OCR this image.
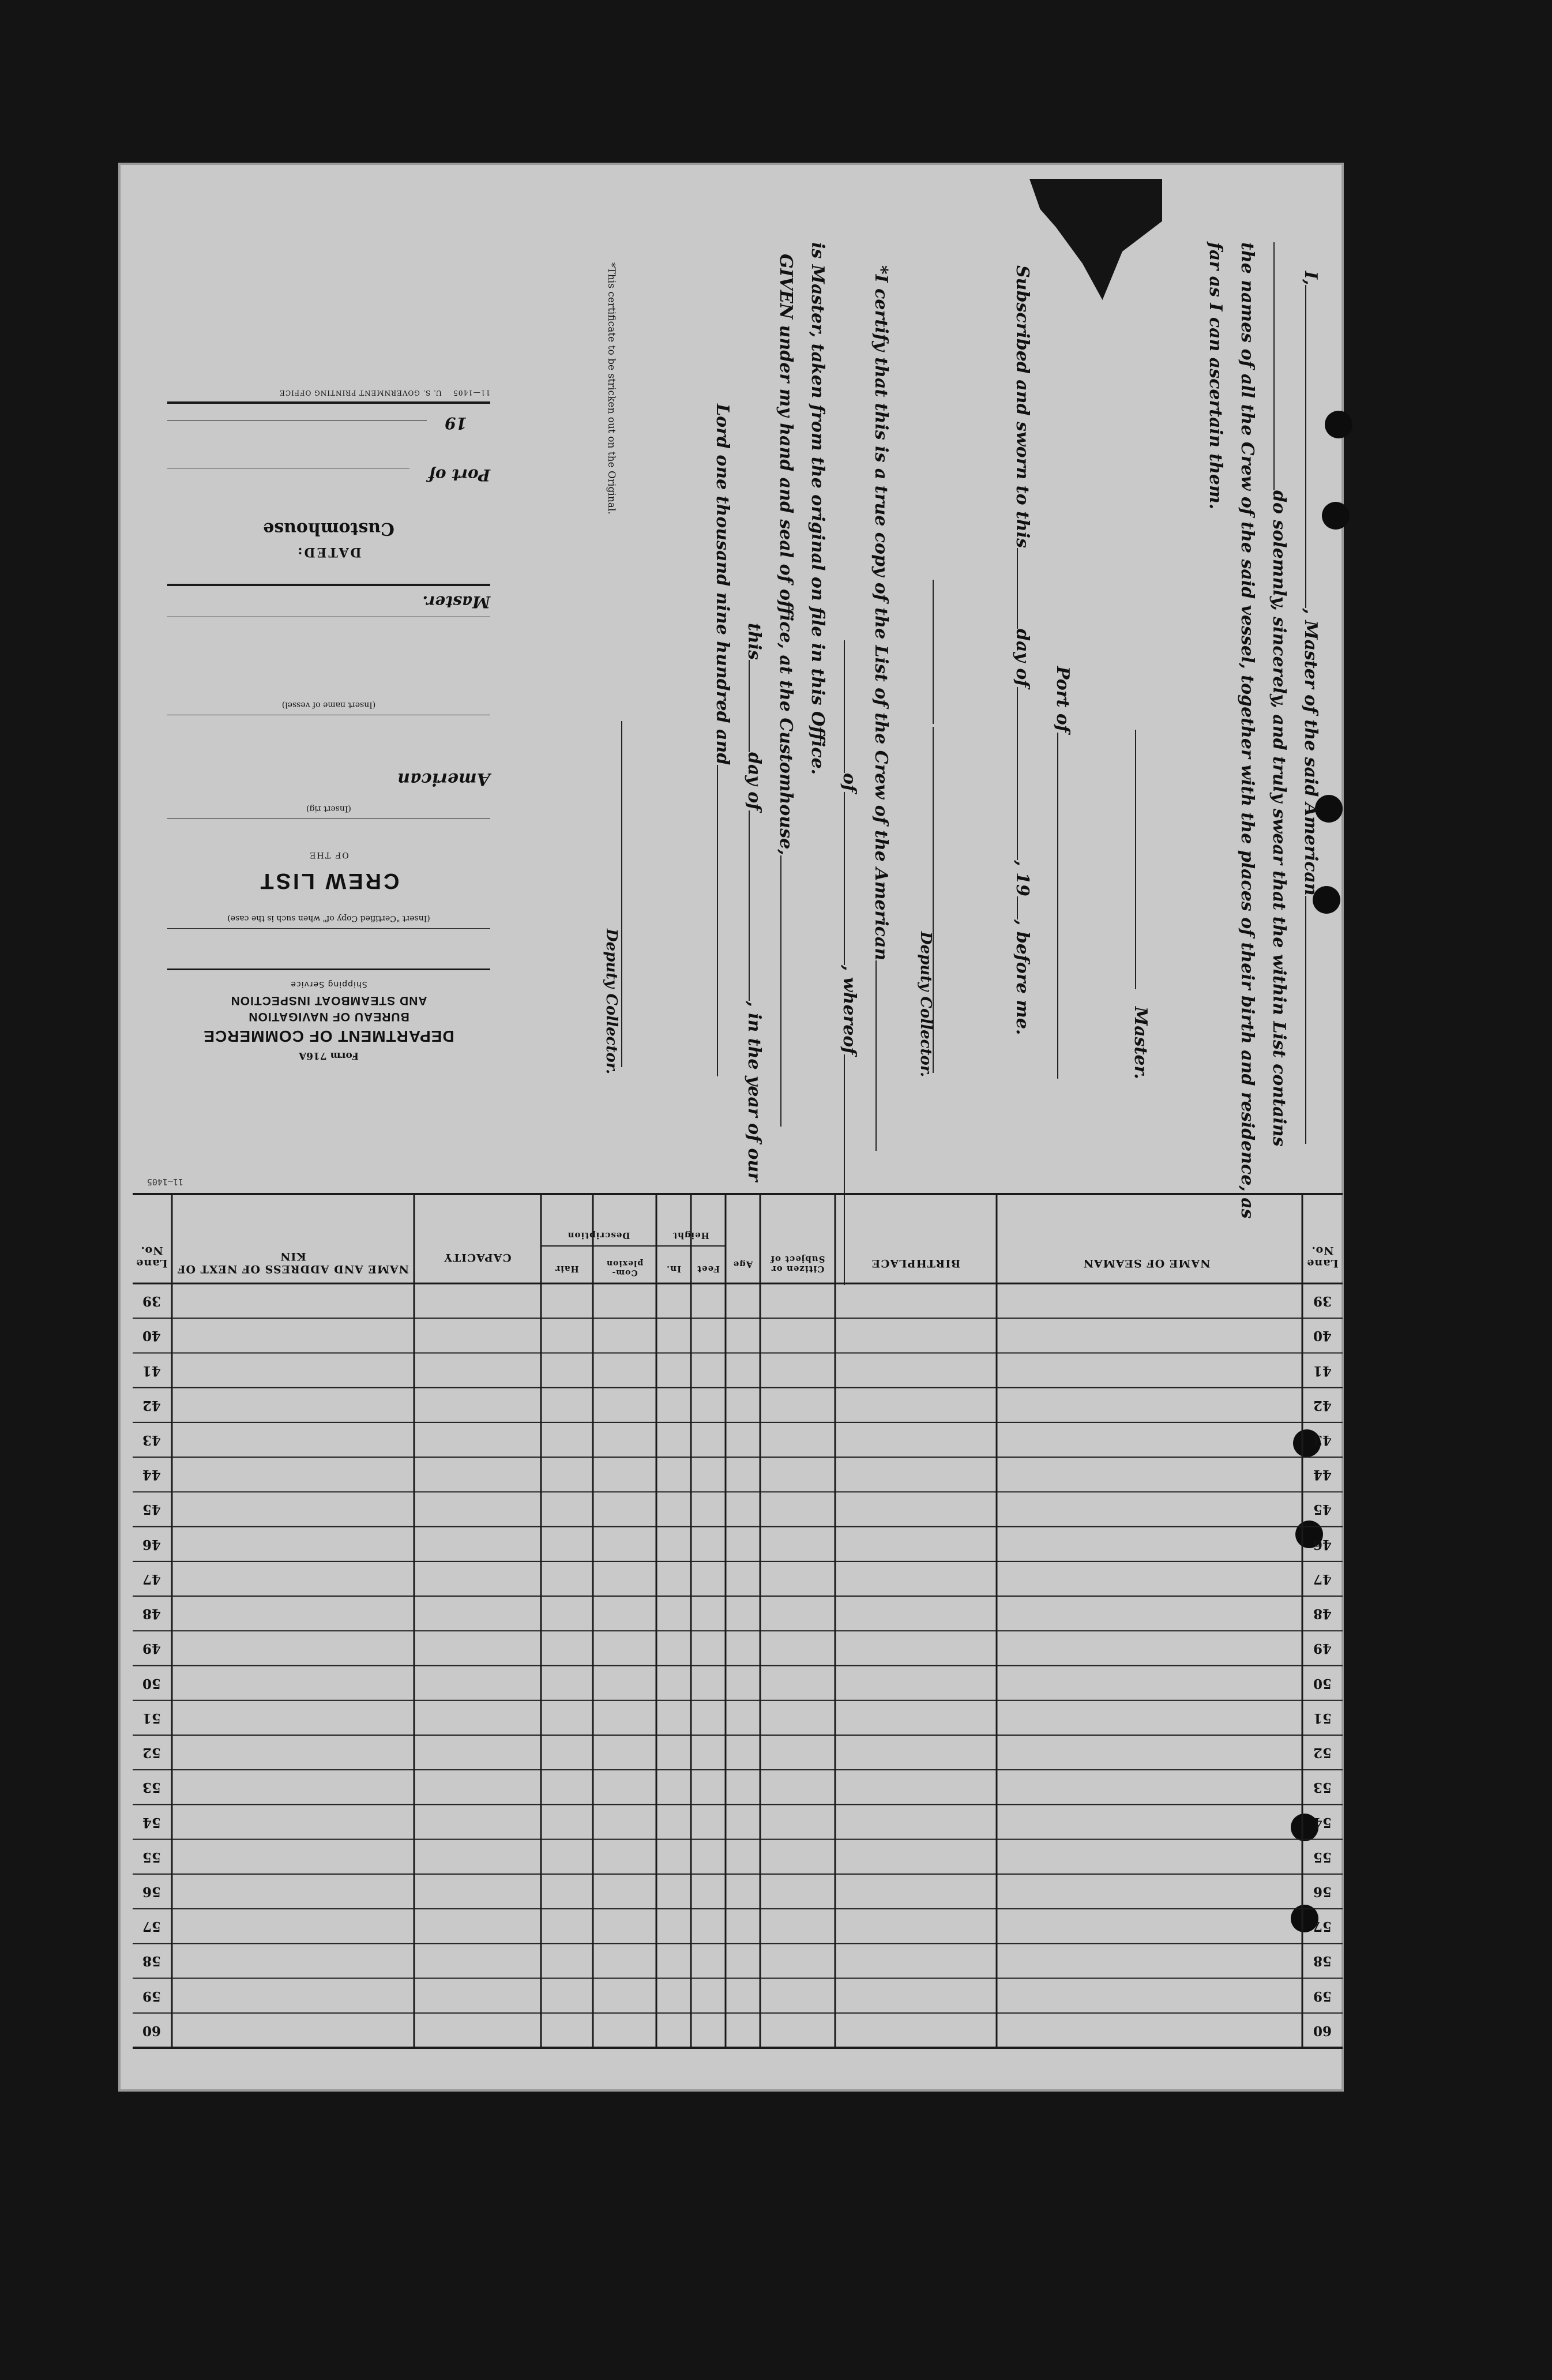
I,, Master of the said American
do solemnly, sincerely, and truly swear that the within List contains
the names of all the Crew of the said vessel, together with the places of their birth and residence, as
far as I can ascertain them.
Master.
Port of
Subscribed and sworn to thisday of, 19, before me.
Deputy Collector.
*I certify that this is a true copy of the List of the Crew of the American
of, whereof
is Master, taken from the original on file in this Office.
GIVEN under my hand and seal of office, at the Customhouse,
thisday of, in the year of our
Lord one thousand nine hundred and
Deputy Collector.
*This certificate to be stricken out on the Original.
Form 716A
DEPARTMENT OF COMMERCE
BUREAU OF NAVIGATION
AND STEAMBOAT INSPECTION
Shipping Service
(Insert "Certified Copy of" when such is the case)
CREW LIST
OF THE
(Insert rig)
American
(Insert name of vessel)
Master.
DATED:
Customhouse
Port of
19
11—1405    U. S. GOVERNMENT PRINTING OFFICE
Lane No.
NAME OF SEAMAN
BIRTHPLACE
Citizen or Subject of
Age
Height
Feet
In.
Description
Com- plexion
Hair
CAPACITY
NAME AND ADDRESS OF NEXT OF KIN
Lane No.
11—1405
39
39
40
40
41
41
42
42
43
43
44
44
45
45
46
46
47
47
48
48
49
49
50
50
51
51
52
52
53
53
54
54
55
55
56
56
57
57
58
58
59
59
60
60
